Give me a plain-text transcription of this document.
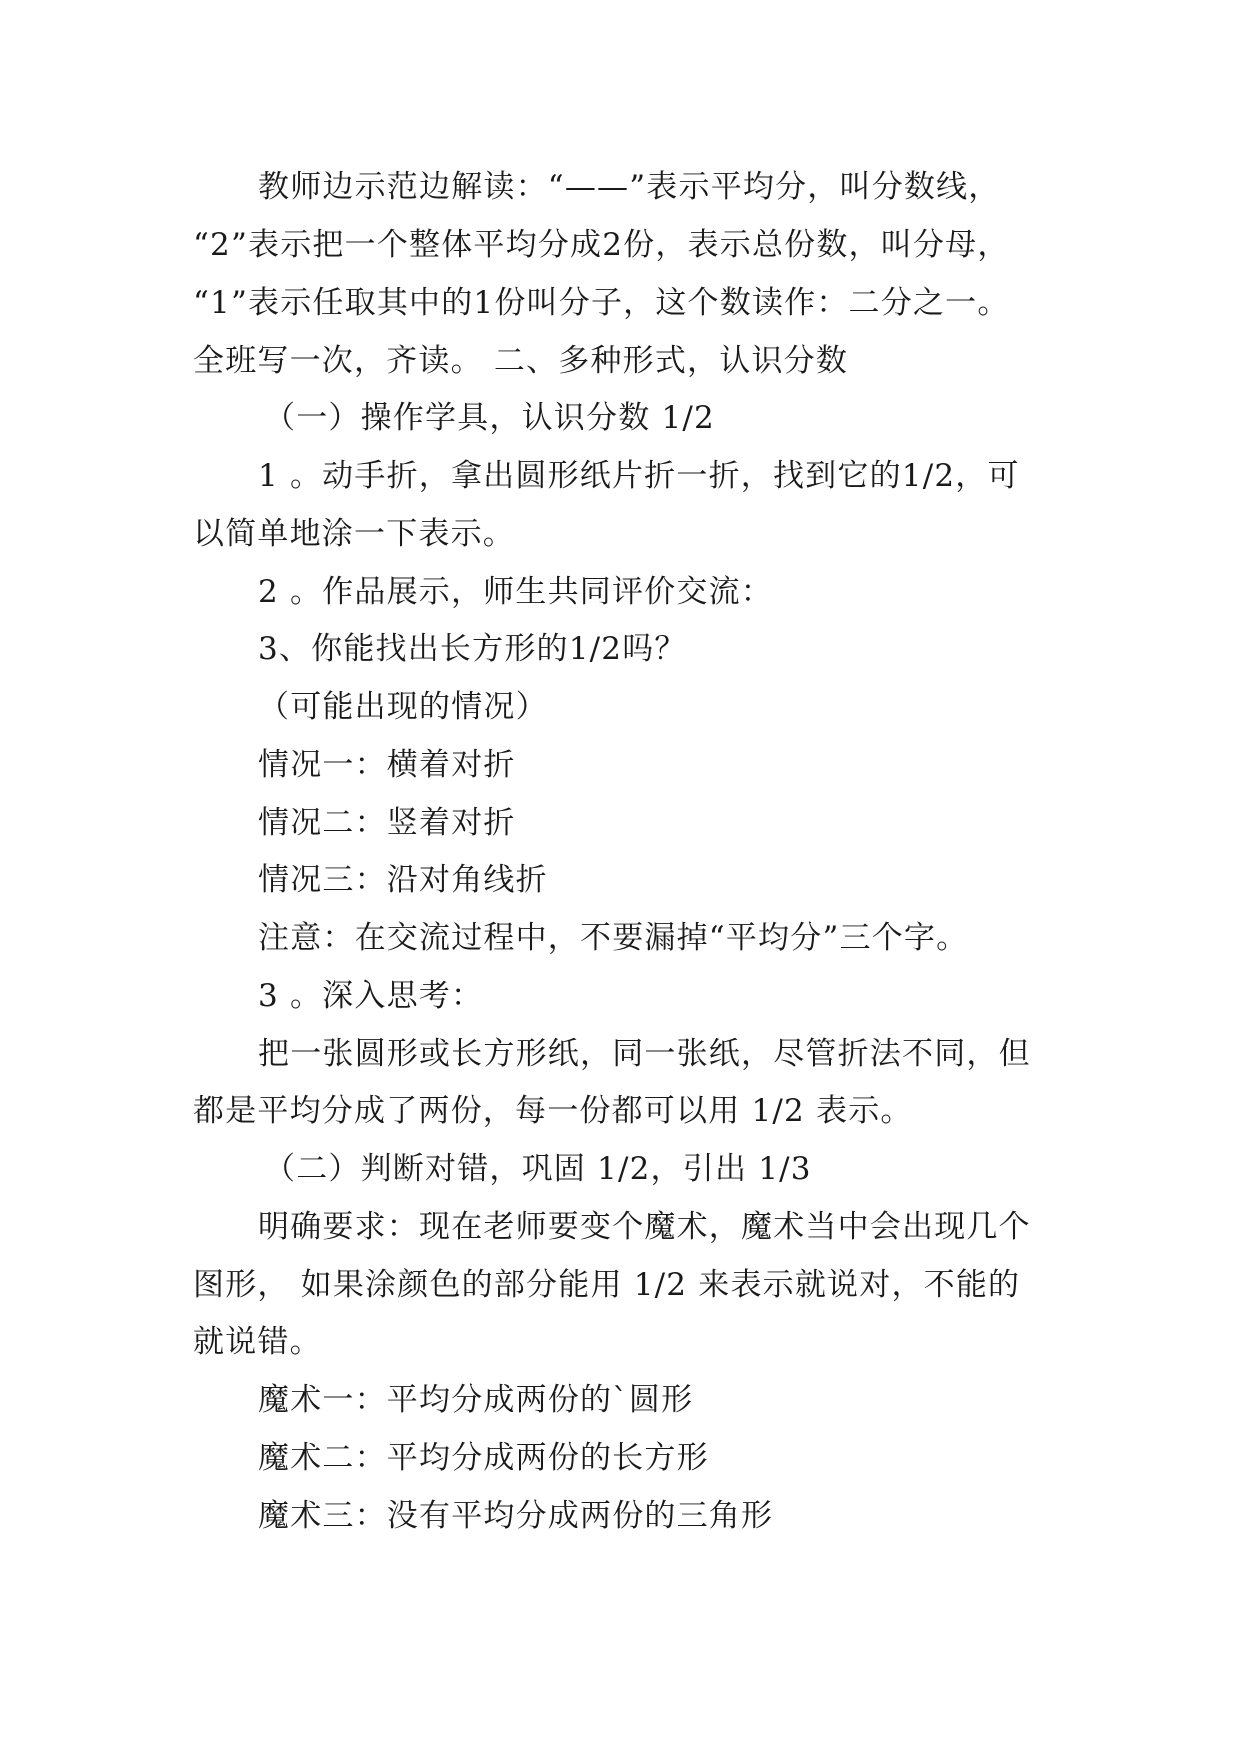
教师边示范边解读：“——”表示平均分，叫分数线，

“2”表示把一个整体平均分成2份，表示总份数，叫分母，

“1”表示任取其中的1份叫分子，这个数读作：二分之一。

全班写一次，齐读。 二、多种形式，认识分数

（一）操作学具，认识分数 1/2

1 。动手折，拿出圆形纸片折一折，找到它的1/2，可

以简单地涂一下表示。

2 。作品展示，师生共同评价交流：

3、你能找出长方形的1/2吗？

（可能出现的情况）

情况一：横着对折

情况二：竖着对折

情况三：沿对角线折

注意：在交流过程中，不要漏掉“平均分”三个字。

3 。深入思考：

把一张圆形或长方形纸，同一张纸，尽管折法不同，但

都是平均分成了两份，每一份都可以用 1/2 表示。

（二）判断对错，巩固 1/2，引出 1/3

明确要求：现在老师要变个魔术，魔术当中会出现几个

图形， 如果涂颜色的部分能用 1/2 来表示就说对，不能的

就说错。

魔术一：平均分成两份的`圆形

魔术二：平均分成两份的长方形

魔术三：没有平均分成两份的三角形
